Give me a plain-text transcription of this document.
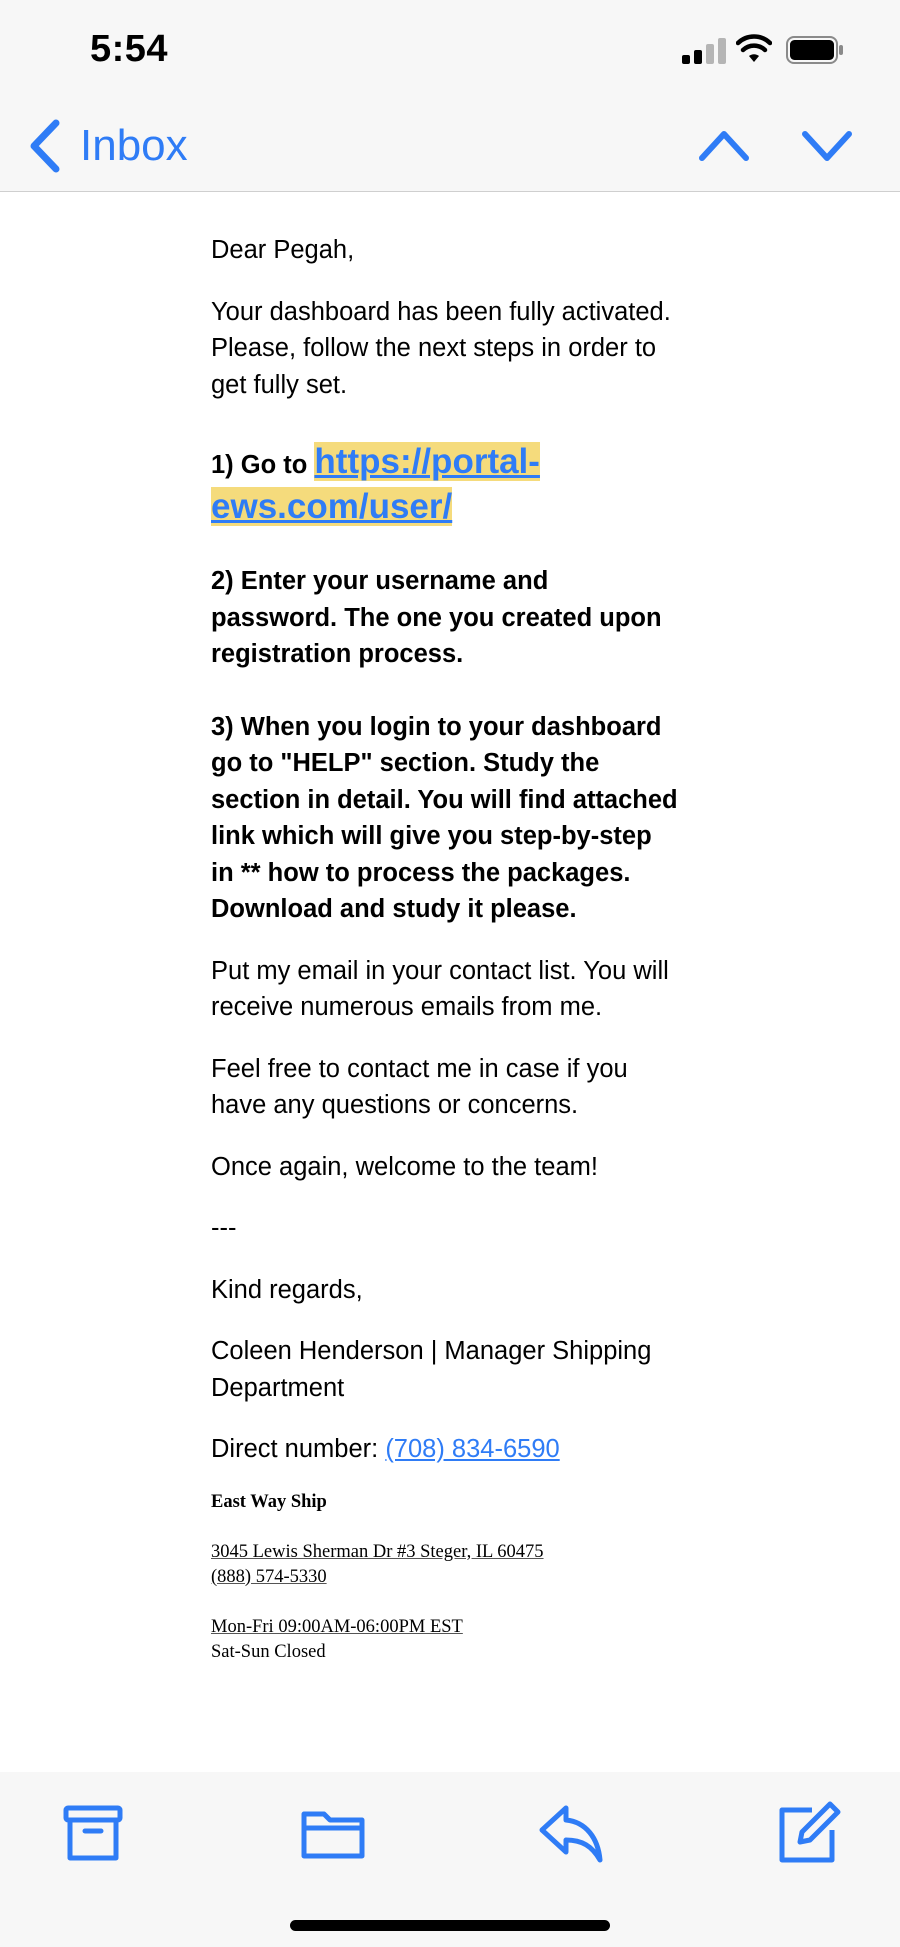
5:54
Inbox
Dear Pegah,
Your dashboard has been fully activated. Please, follow the next steps in order to get fully set.
1) Go to https://portal-ews.com/user/
2) Enter your username and password. The one you created upon registration process.
3) When you login to your dashboard go to "HELP" section. Study the section in detail. You will find attached link which will give you step-by-step in ** how to process the packages. Download and study it please.
Put my email in your contact list. You will receive numerous emails from me.
Feel free to contact me in case if you have any questions or concerns.
Once again, welcome to the team!
---
Kind regards,
Coleen Henderson | Manager Shipping Department
Direct number: (708) 834-6590
East Way Ship
3045 Lewis Sherman Dr #3 Steger, IL 60475
(888) 574-5330
Mon-Fri 09:00AM-06:00PM EST
Sat-Sun Closed
